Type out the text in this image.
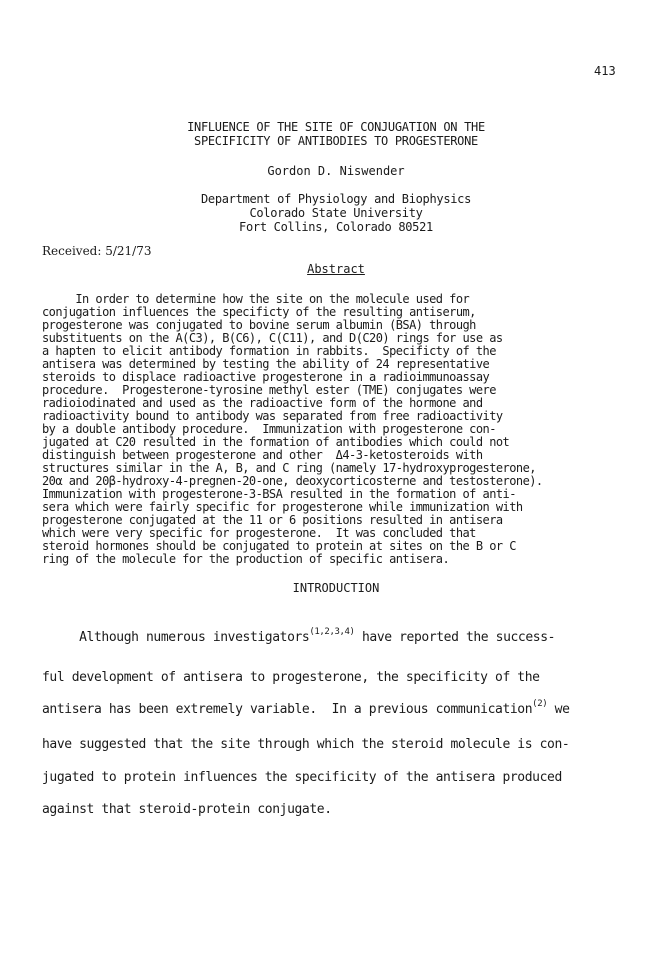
413
INFLUENCE OF THE SITE OF CONJUGATION ON THE
SPECIFICITY OF ANTIBODIES TO PROGESTERONE
Gordon D. Niswender
Department of Physiology and Biophysics
Colorado State University
Fort Collins, Colorado 80521
Received: 5/21/73
Abstract
In order to determine how the site on the molecule used for
conjugation influences the specificty of the resulting antiserum,
progesterone was conjugated to bovine serum albumin (BSA) through
substituents on the A(C3), B(C6), C(C11), and D(C20) rings for use as
a hapten to elicit antibody formation in rabbits.  Specificty of the
antisera was determined by testing the ability of 24 representative
steroids to displace radioactive progesterone in a radioimmunoassay
procedure.  Progesterone-tyrosine methyl ester (TME) conjugates were
radioiodinated and used as the radioactive form of the hormone and
radioactivity bound to antibody was separated from free radioactivity
by a double antibody procedure.  Immunization with progesterone con-
jugated at C20 resulted in the formation of antibodies which could not
distinguish between progesterone and other  Δ4-3-ketosteroids with
structures similar in the A, B, and C ring (namely 17-hydroxyprogesterone,
20α and 20β-hydroxy-4-pregnen-20-one, deoxycorticosterne and testosterone).
Immunization with progesterone-3-BSA resulted in the formation of anti-
sera which were fairly specific for progesterone while immunization with
progesterone conjugated at the 11 or 6 positions resulted in antisera
which were very specific for progesterone.  It was concluded that
steroid hormones should be conjugated to protein at sites on the B or C
ring of the molecule for the production of specific antisera.
INTRODUCTION
Although numerous investigators$^{(1,2,3,4)}$ have reported the success-
ful development of antisera to progesterone, the specificity of the
antisera has been extremely variable.  In a previous communication$^{(2)}$ we
have suggested that the site through which the steroid molecule is con-
jugated to protein influences the specificity of the antisera produced
against that steroid-protein conjugate.
